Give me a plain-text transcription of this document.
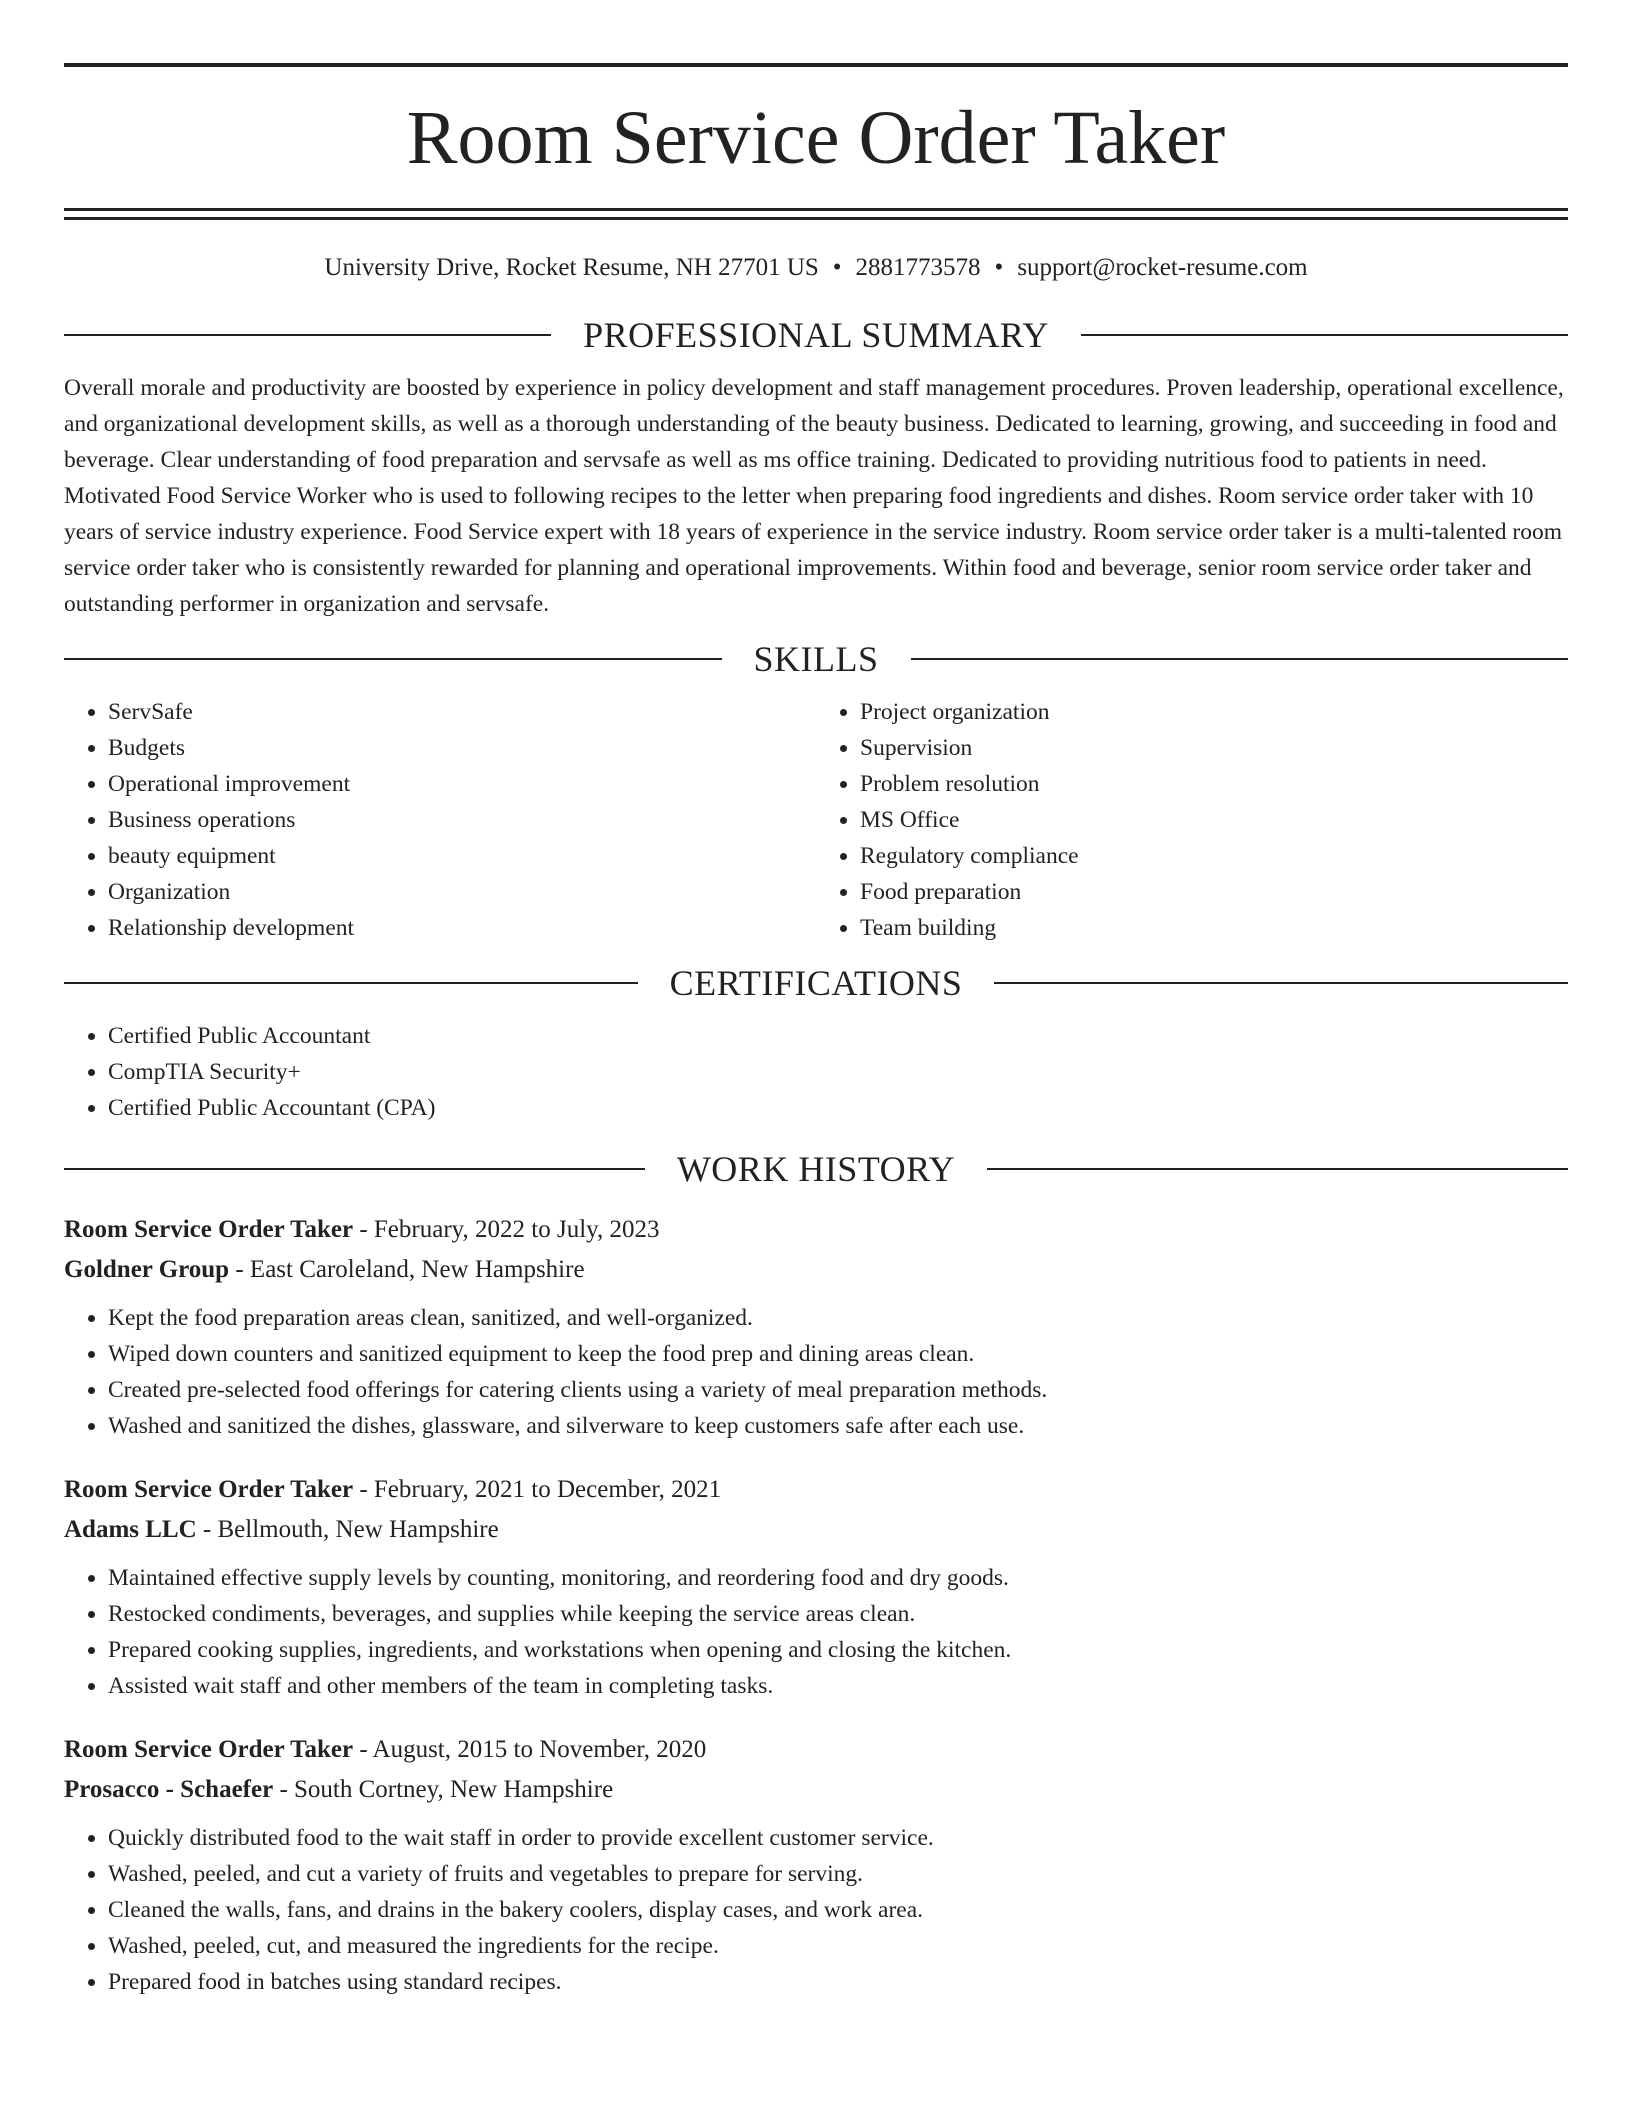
Room Service Order Taker
University Drive, Rocket Resume, NH 27701 US • 2881773578 • support@rocket-resume.com
PROFESSIONAL SUMMARY

Overall morale and productivity are boosted by experience in policy development and staff management procedures. Proven leadership, operational excellence, and organizational development skills, as well as a thorough understanding of the beauty business. Dedicated to learning, growing, and succeeding in food and beverage. Clear understanding of food preparation and servsafe as well as ms office training. Dedicated to providing nutritious food to patients in need. Motivated Food Service Worker who is used to following recipes to the letter when preparing food ingredients and dishes. Room service order taker with 10 years of service industry experience. Food Service expert with 18 years of experience in the service industry. Room service order taker is a multi-talented room service order taker who is consistently rewarded for planning and operational improvements. Within food and beverage, senior room service order taker and outstanding performer in organization and servsafe.

SKILLS
• ServSafe
• Budgets
• Operational improvement
• Business operations
• beauty equipment
• Organization
• Relationship development
• Project organization
• Supervision
• Problem resolution
• MS Office
• Regulatory compliance
• Food preparation
• Team building
CERTIFICATIONS
• Certified Public Accountant
• CompTIA Security+
• Certified Public Accountant (CPA)
WORK HISTORY
Room Service Order Taker - February, 2022 to July, 2023
Goldner Group - East Caroleland, New Hampshire
• Kept the food preparation areas clean, sanitized, and well-organized.
• Wiped down counters and sanitized equipment to keep the food prep and dining areas clean.
• Created pre-selected food offerings for catering clients using a variety of meal preparation methods.
• Washed and sanitized the dishes, glassware, and silverware to keep customers safe after each use.
Room Service Order Taker - February, 2021 to December, 2021
Adams LLC - Bellmouth, New Hampshire
• Maintained effective supply levels by counting, monitoring, and reordering food and dry goods.
• Restocked condiments, beverages, and supplies while keeping the service areas clean.
• Prepared cooking supplies, ingredients, and workstations when opening and closing the kitchen.
• Assisted wait staff and other members of the team in completing tasks.
Room Service Order Taker - August, 2015 to November, 2020
Prosacco - Schaefer - South Cortney, New Hampshire
• Quickly distributed food to the wait staff in order to provide excellent customer service.
• Washed, peeled, and cut a variety of fruits and vegetables to prepare for serving.
• Cleaned the walls, fans, and drains in the bakery coolers, display cases, and work area.
• Washed, peeled, cut, and measured the ingredients for the recipe.
• Prepared food in batches using standard recipes.
